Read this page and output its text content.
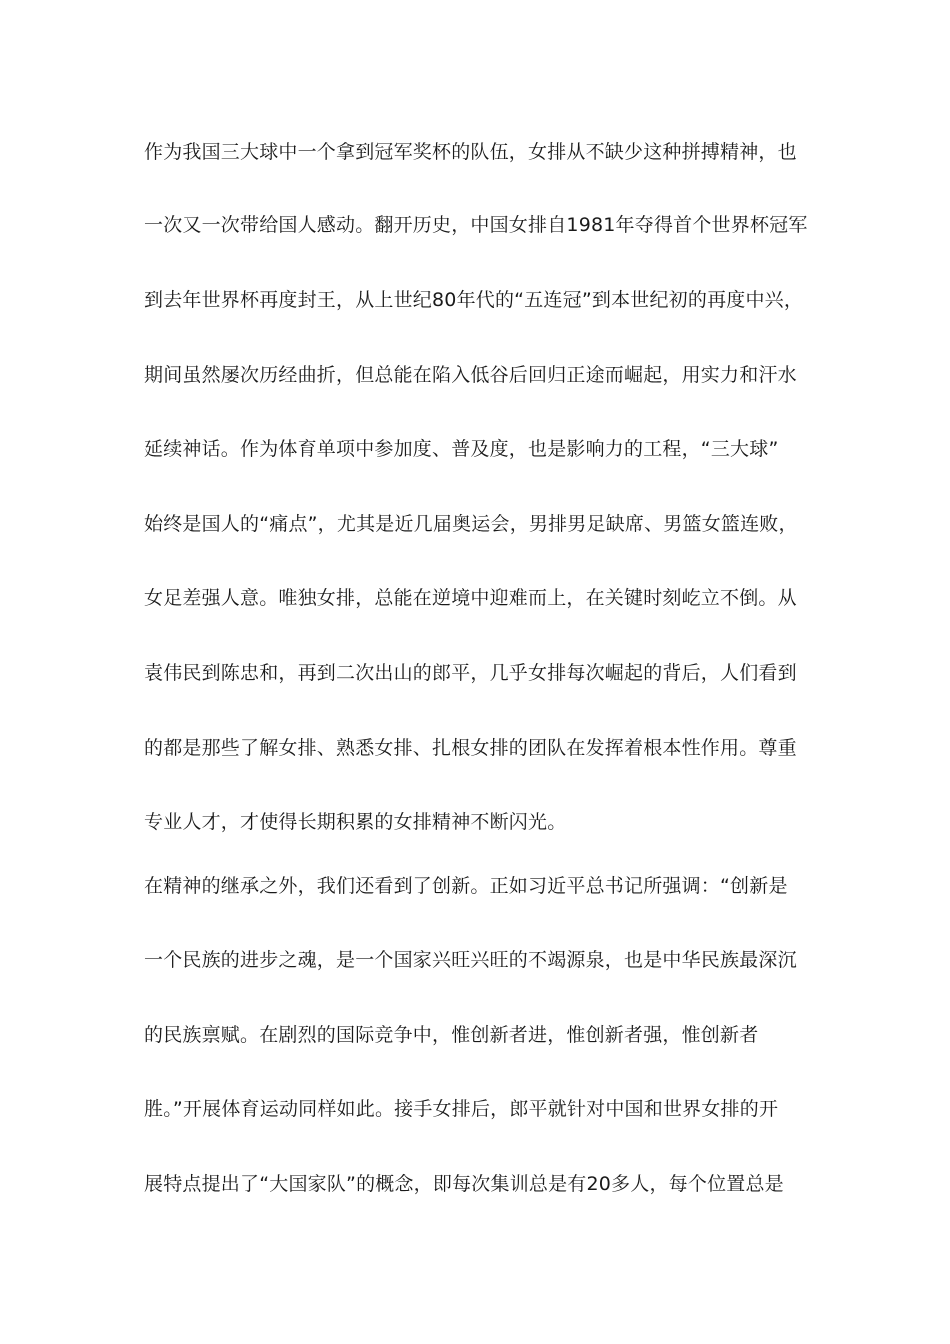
作为我国三大球中一个拿到冠军奖杯的队伍，女排从不缺少这种拼搏精神，也
一次又一次带给国人感动。翻开历史，中国女排自1981年夺得首个世界杯冠军
到去年世界杯再度封王，从上世纪80年代的“五连冠”到本世纪初的再度中兴，
期间虽然屡次历经曲折，但总能在陷入低谷后回归正途而崛起，用实力和汗水
延续神话。作为体育单项中参加度、普及度，也是影响力的工程，“三大球”
始终是国人的“痛点”，尤其是近几届奥运会，男排男足缺席、男篮女篮连败，
女足差强人意。唯独女排，总能在逆境中迎难而上，在关键时刻屹立不倒。从
袁伟民到陈忠和，再到二次出山的郎平，几乎女排每次崛起的背后，人们看到
的都是那些了解女排、熟悉女排、扎根女排的团队在发挥着根本性作用。尊重
专业人才，才使得长期积累的女排精神不断闪光。
在精神的继承之外，我们还看到了创新。正如习近平总书记所强调：“创新是
一个民族的进步之魂，是一个国家兴旺兴旺的不竭源泉，也是中华民族最深沉
的民族禀赋。在剧烈的国际竞争中，惟创新者进，惟创新者强，惟创新者
胜。”开展体育运动同样如此。接手女排后，郎平就针对中国和世界女排的开
展特点提出了“大国家队”的概念，即每次集训总是有20多人，每个位置总是
